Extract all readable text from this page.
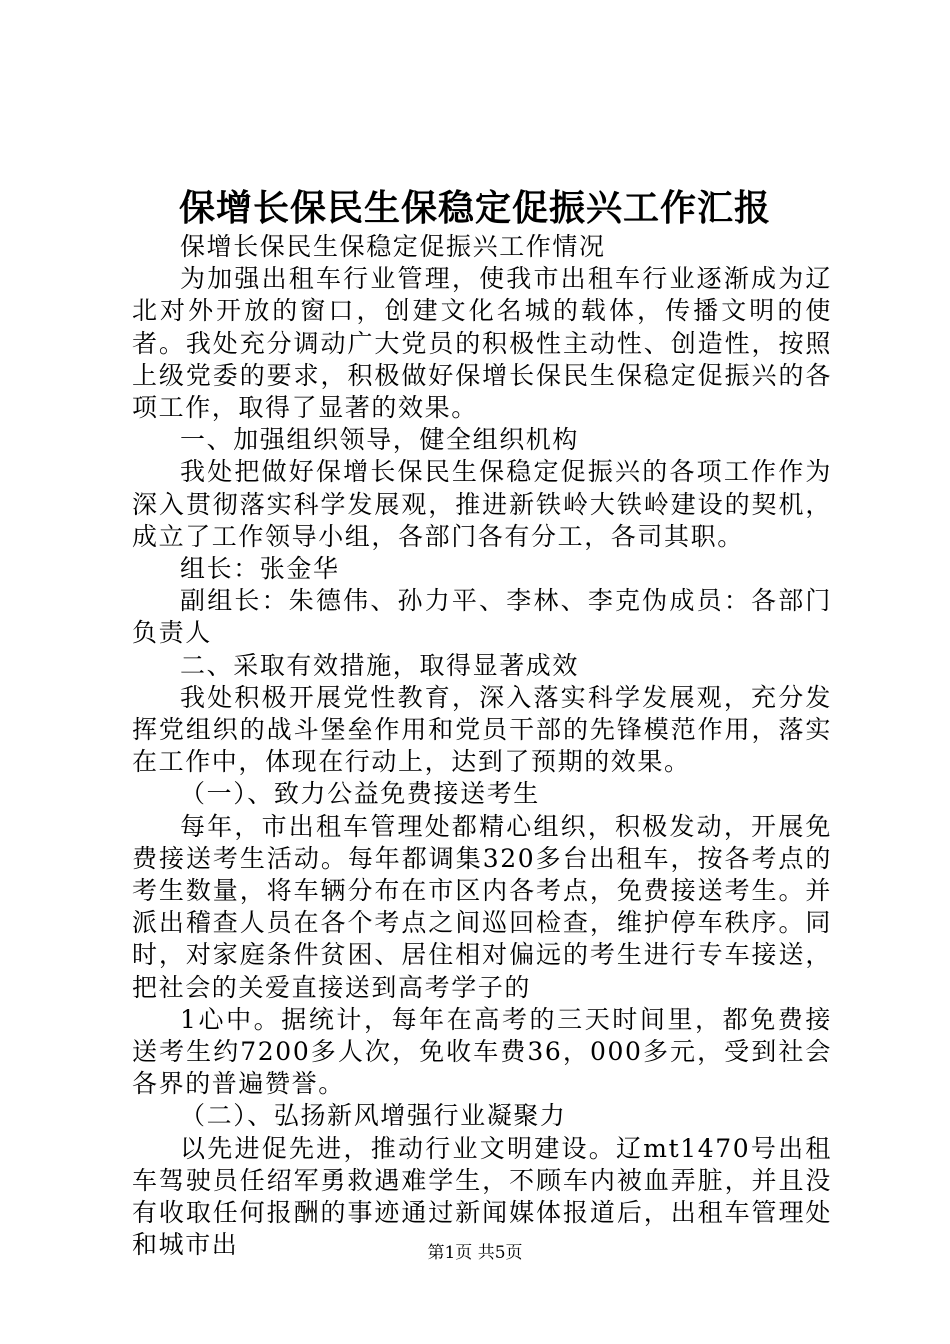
保增长保民生保稳定促振兴工作汇报

保增长保民生保稳定促振兴工作情况

为加强出租车行业管理，使我市出租车行业逐渐成为辽北对外开放的窗口，创建文化名城的载体，传播文明的使者。我处充分调动广大党员的积极性主动性、创造性，按照上级党委的要求，积极做好保增长保民生保稳定促振兴的各项工作，取得了显著的效果。

一、加强组织领导，健全组织机构

我处把做好保增长保民生保稳定促振兴的各项工作作为深入贯彻落实科学发展观，推进新铁岭大铁岭建设的契机，成立了工作领导小组，各部门各有分工，各司其职。

组长：张金华

副组长：朱德伟、孙力平、李林、李克伪成员：各部门负责人

二、采取有效措施，取得显著成效

我处积极开展党性教育，深入落实科学发展观，充分发挥党组织的战斗堡垒作用和党员干部的先锋模范作用，落实在工作中，体现在行动上，达到了预期的效果。

（一）、致力公益免费接送考生

每年，市出租车管理处都精心组织，积极发动，开展免费接送考生活动。每年都调集320多台出租车，按各考点的考生数量，将车辆分布在市区内各考点，免费接送考生。并派出稽查人员在各个考点之间巡回检查，维护停车秩序。同时，对家庭条件贫困、居住相对偏远的考生进行专车接送，把社会的关爱直接送到高考学子的

1心中。据统计，每年在高考的三天时间里，都免费接送考生约7200多人次，免收车费36，000多元，受到社会各界的普遍赞誉。

（二）、弘扬新风增强行业凝聚力

以先进促先进，推动行业文明建设。辽mt1470号出租车驾驶员任绍军勇救遇难学生，不顾车内被血弄脏，并且没有收取任何报酬的事迹通过新闻媒体报道后，出租车管理处和城市出	第1页 共5页
